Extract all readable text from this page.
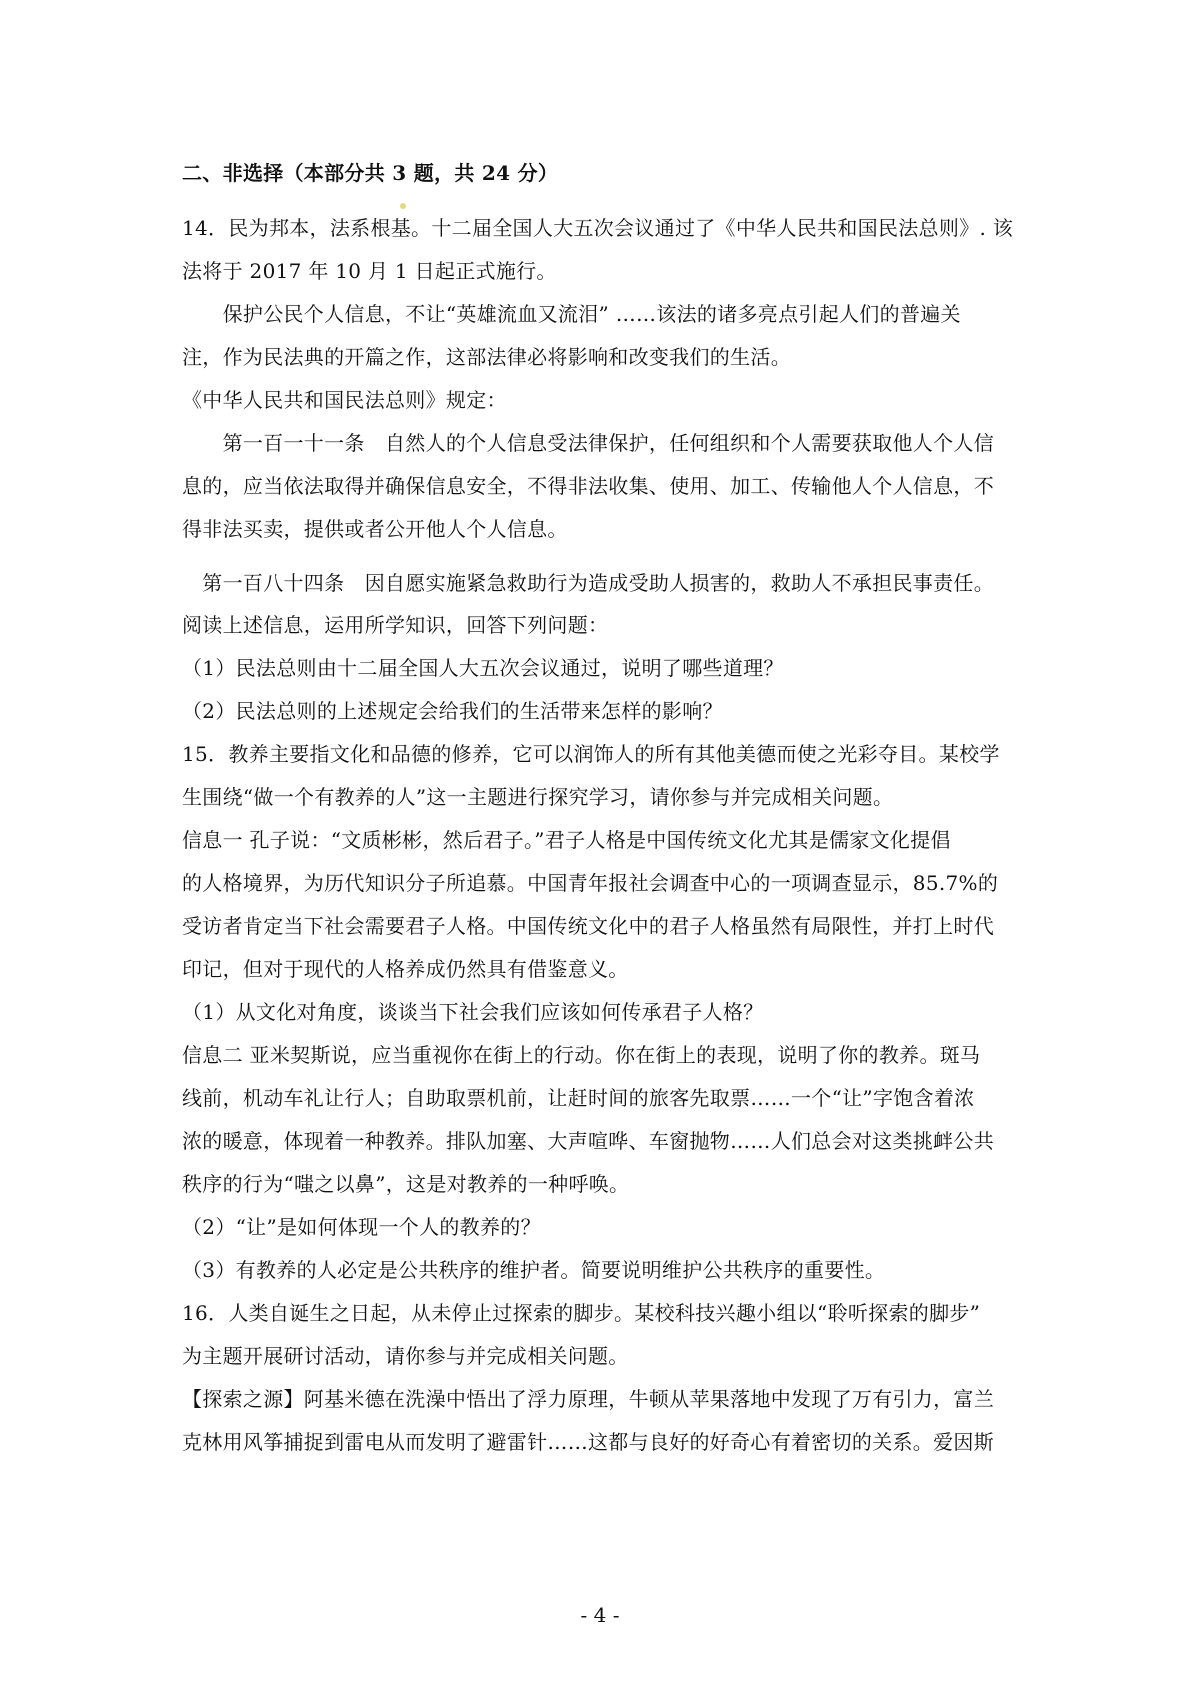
二、非选择（本部分共 3 题，共 24 分）
14．民为邦本，法系根基。十二届全国人大五次会议通过了《中华人民共和国民法总则》. 该
法将于 2017 年 10 月 1 日起正式施行。
　　保护公民个人信息，不让“英雄流血又流泪” ……该法的诸多亮点引起人们的普遍关
注，作为民法典的开篇之作，这部法律必将影响和改变我们的生活。
《中华人民共和国民法总则》规定：
　　第一百一十一条　自然人的个人信息受法律保护，任何组织和个人需要获取他人个人信
息的，应当依法取得并确保信息安全，不得非法收集、使用、加工、传输他人个人信息，不
得非法买卖，提供或者公开他人个人信息。
　第一百八十四条　因自愿实施紧急救助行为造成受助人损害的，救助人不承担民事责任。
阅读上述信息，运用所学知识，回答下列问题：
（1）民法总则由十二届全国人大五次会议通过，说明了哪些道理？
（2）民法总则的上述规定会给我们的生活带来怎样的影响？
15．教养主要指文化和品德的修养，它可以润饰人的所有其他美德而使之光彩夺目。某校学
生围绕“做一个有教养的人”这一主题进行探究学习，请你参与并完成相关问题。
信息一 孔子说：“文质彬彬，然后君子。”君子人格是中国传统文化尤其是儒家文化提倡
的人格境界，为历代知识分子所追慕。中国青年报社会调查中心的一项调查显示，85.7%的
受访者肯定当下社会需要君子人格。中国传统文化中的君子人格虽然有局限性，并打上时代
印记，但对于现代的人格养成仍然具有借鉴意义。
（1）从文化对角度，谈谈当下社会我们应该如何传承君子人格？
信息二 亚米契斯说，应当重视你在街上的行动。你在街上的表现，说明了你的教养。斑马
线前，机动车礼让行人；自助取票机前，让赶时间的旅客先取票……一个“让”字饱含着浓
浓的暖意，体现着一种教养。排队加塞、大声喧哗、车窗抛物……人们总会对这类挑衅公共
秩序的行为“嗤之以鼻”，这是对教养的一种呼唤。
（2）“让”是如何体现一个人的教养的？
（3）有教养的人必定是公共秩序的维护者。简要说明维护公共秩序的重要性。
16．人类自诞生之日起，从未停止过探索的脚步。某校科技兴趣小组以“聆听探索的脚步”
为主题开展研讨活动，请你参与并完成相关问题。
【探索之源】阿基米德在洗澡中悟出了浮力原理，牛顿从苹果落地中发现了万有引力，富兰
克林用风筝捕捉到雷电从而发明了避雷针……这都与良好的好奇心有着密切的关系。爱因斯
- 4 -
